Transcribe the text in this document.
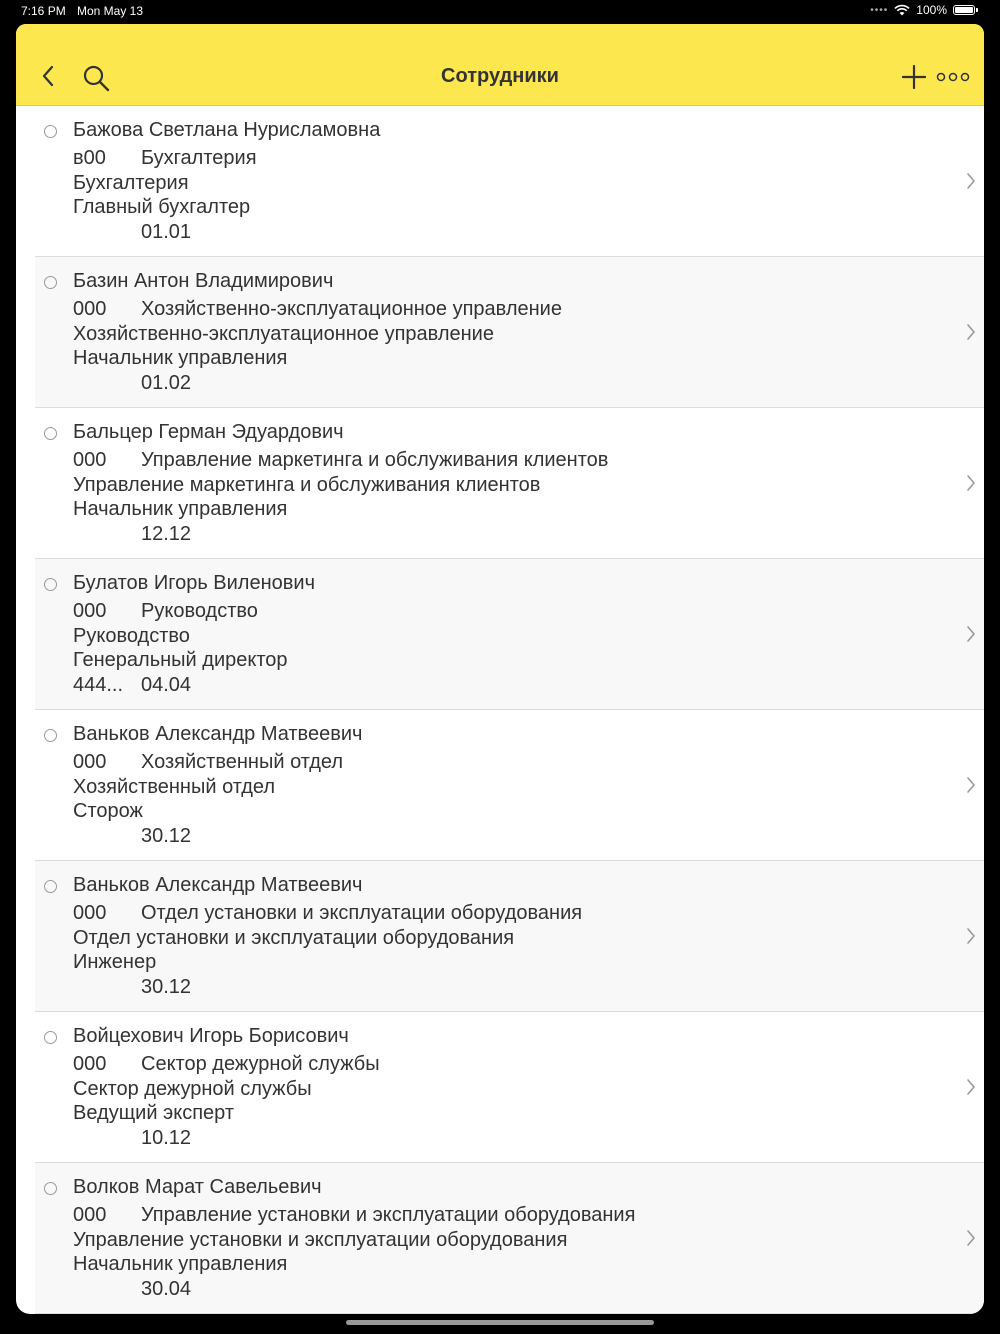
7:16 PM Mon May 13	•••• 100%
Сотрудники
Бажова Светлана Нурисламовна
в00 Бухгалтерия
Бухгалтерия
Главный бухгалтер
01.01
Базин Антон Владимирович
000 Хозяйственно-эксплуатационное управление
Хозяйственно-эксплуатационное управление
Начальник управления
01.02
Бальцер Герман Эдуардович
000 Управление маркетинга и обслуживания клиентов
Управление маркетинга и обслуживания клиентов
Начальник управления
12.12
Булатов Игорь Виленович
000 Руководство
Руководство
Генеральный директор
444... 04.04
Ваньков Александр Матвеевич
000 Хозяйственный отдел
Хозяйственный отдел
Сторож
30.12
Ваньков Александр Матвеевич
000 Отдел установки и эксплуатации оборудования
Отдел установки и эксплуатации оборудования
Инженер
30.12
Войцехович Игорь Борисович
000 Сектор дежурной службы
Сектор дежурной службы
Ведущий эксперт
10.12
Волков Марат Савельевич
000 Управление установки и эксплуатации оборудования
Управление установки и эксплуатации оборудования
Начальник управления
30.04
